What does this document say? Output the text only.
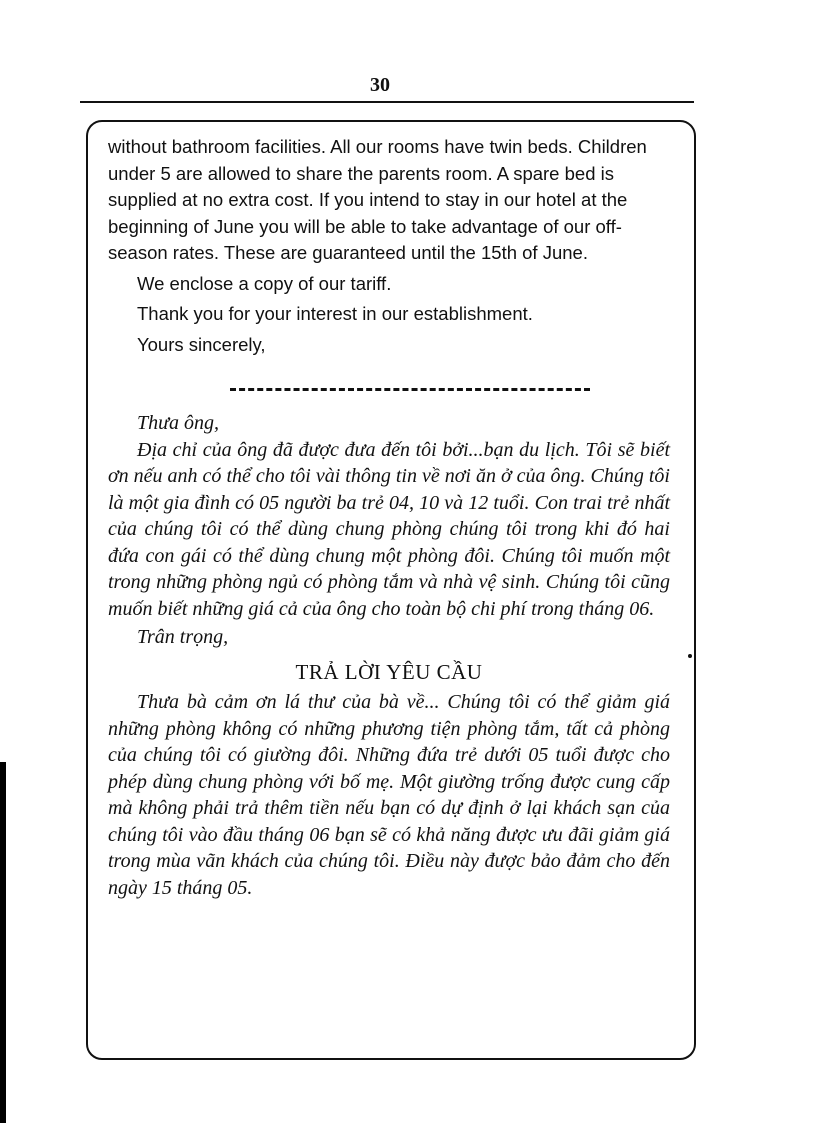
30

without bathroom facilities. All our rooms have twin beds. Children under 5 are allowed to share the parents room. A spare bed is supplied at no extra cost. If you intend to stay in our hotel at the beginning of June you will be able to take advantage of our off-season rates. These are guaranteed until the 15th of June.

We enclose a copy of our tariff.

Thank you for your interest in our establishment.

Yours sincerely,

Thưa ông,

Địa chỉ của ông đã được đưa đến tôi bởi...bạn du lịch. Tôi sẽ biết ơn nếu anh có thể cho tôi vài thông tin về nơi ăn ở của ông. Chúng tôi là một gia đình có 05 người ba trẻ 04, 10 và 12 tuổi. Con trai trẻ nhất của chúng tôi có thể dùng chung phòng chúng tôi trong khi đó hai đứa con gái có thể dùng chung một phòng đôi. Chúng tôi muốn một trong những phòng ngủ có phòng tắm và nhà vệ sinh. Chúng tôi cũng muốn biết những giá cả của ông cho toàn bộ chi phí trong tháng 06.

Trân trọng,

TRẢ LỜI YÊU CẦU

Thưa bà cảm ơn lá thư của bà về... Chúng tôi có thể giảm giá những phòng không có những phương tiện phòng tắm, tất cả phòng của chúng tôi có giường đôi. Những đứa trẻ dưới 05 tuổi được cho phép dùng chung phòng với bố mẹ. Một giường trống được cung cấp mà không phải trả thêm tiền nếu bạn có dự định ở lại khách sạn của chúng tôi vào đầu tháng 06 bạn sẽ có khả năng được ưu đãi giảm giá trong mùa vãn khách của chúng tôi. Điều này được bảo đảm cho đến ngày 15 tháng 05.
